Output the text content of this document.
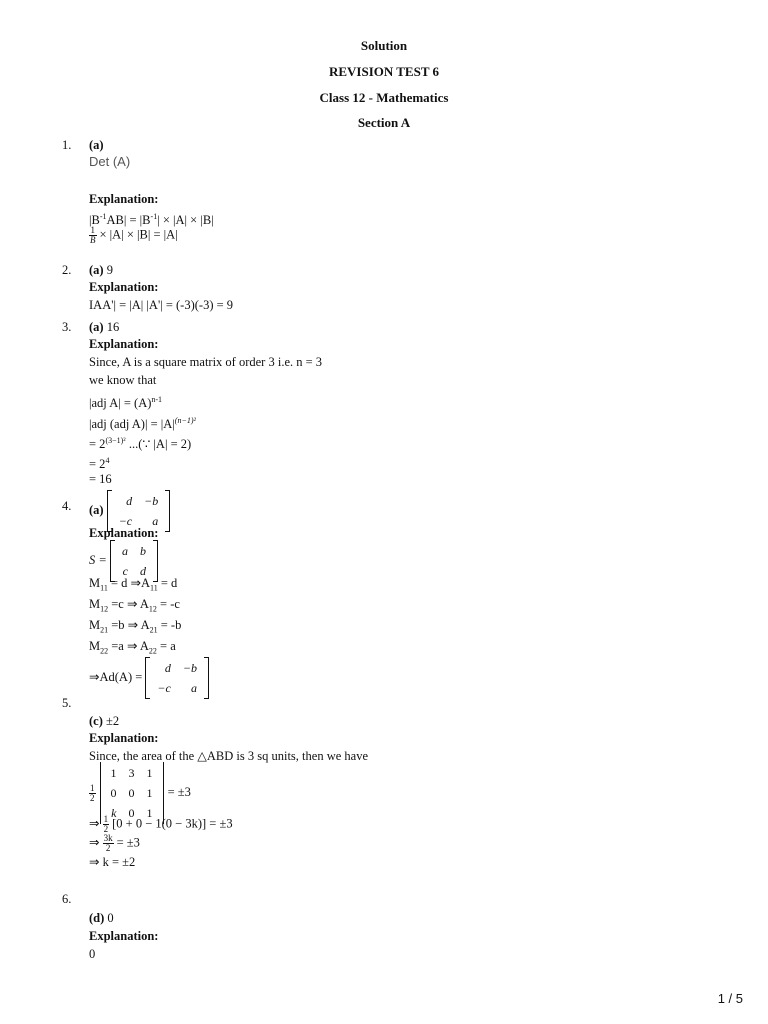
Solution
REVISION TEST 6
Class 12 - Mathematics
Section A
1. (a)
Det (A)
Explanation:
$|B^{-1}AB| = |B^{-1}| \times |A| \times |B|$
$\frac{1}{B} \times |A| \times |B| = |A|$
2. (a) 9
Explanation:
IAA'| = |A| |A'| = (-3)(-3) = 9
3. (a) 16
Explanation:
Since, A is a square matrix of order 3 i.e. n = 3
we know that
|adj $A| = (A)^{n-1}$
|adj (adj $A)| = |A|^{(n-1)^2}$
= $2^{(3-1)^2}$ ...(∵ |A| = 2)
= $2^4$
= 16
4. (a)
d	−b
−c	a
Explanation:
S =
a	b
c	d
$M_{11} = d$ $\Rightarrow A_{11} = d$
$M_{12} =c$ ⇒ $A_{12} = -c$
$M_{21} =b$ ⇒ $A_{21} = -b$
$M_{22} =a$ ⇒ $A_{22} = a$
⇒Ad(A) =
d	−b
−c	a
5.
(c) ±2
Explanation:
Since, the area of the △ABD is 3 sq units, then we have
$\frac{1}{2}$
1	3	1
0	0	1
k	0	1
= ±3
⇒ $\frac{1}{2} [0 + 0 - 1(0 - 3k)] = \pm 3$
⇒ $\frac{3k}{2} = \pm 3$
⇒ k = ±2
6.
(d) 0
Explanation:
0
1 / 5
